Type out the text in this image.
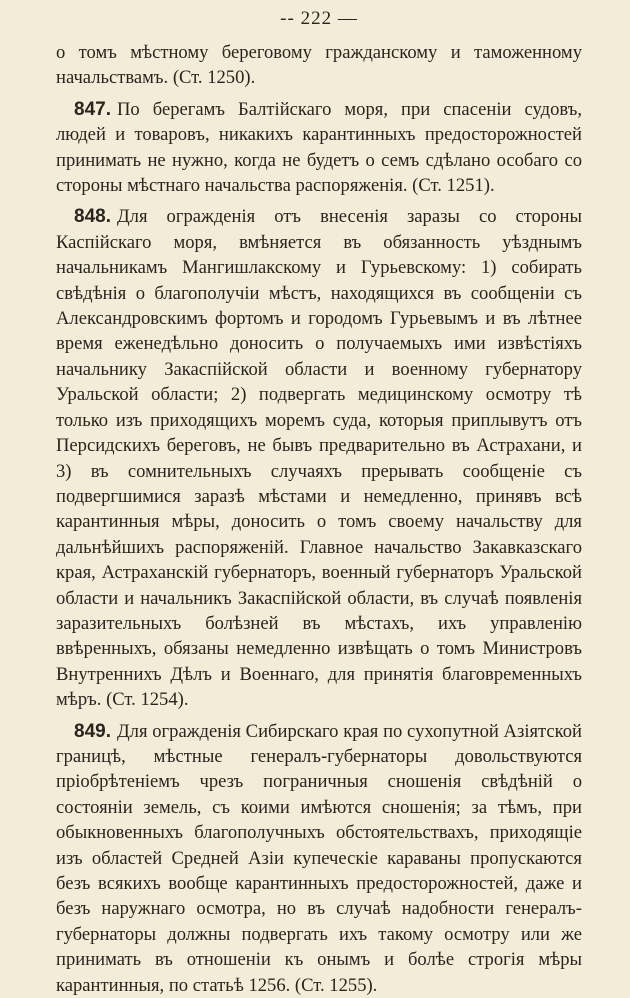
-- 222 —

о томъ мѣстному береговому гражданскому и таможенному начальствамъ. (Ст. 1250).

847. По берегамъ Балтійскаго моря, при спасеніи судовъ, людей и товаровъ, никакихъ карантинныхъ предосторожностей принимать не нужно, когда не будетъ о семъ сдѣлано особаго со стороны мѣстнаго начальства распоряженія. (Ст. 1251).

848. Для огражденія отъ внесенія заразы со стороны Каспійскаго моря, вмѣняется въ обязанность уѣзднымъ начальникамъ Мангишлакскому и Гурьевскому: 1) собирать свѣдѣнія о благополучіи мѣстъ, находящихся въ сообщеніи съ Александровскимъ фортомъ и городомъ Гурьевымъ и въ лѣтнее время еженедѣльно доносить о получаемыхъ ими извѣстіяхъ начальнику Закаспійской области и военному губернатору Уральской области; 2) подвергать медицинскому осмотру тѣ только изъ приходящихъ моремъ суда, которыя приплывутъ отъ Персидскихъ береговъ, не бывъ предварительно въ Астрахани, и 3) въ сомнительныхъ случаяхъ прерывать сообщеніе съ подвергшимися заразѣ мѣстами и немедленно, принявъ всѣ карантинныя мѣры, доносить о томъ своему начальству для дальнѣйшихъ распоряженій. Главное начальство Закавказскаго края, Астраханскій губернаторъ, военный губернаторъ Уральской области и начальникъ Закаспійской области, въ случаѣ появленія заразительныхъ болѣзней въ мѣстахъ, ихъ управленію ввѣренныхъ, обязаны немедленно извѣщать о томъ Министровъ Внутреннихъ Дѣлъ и Военнаго, для принятія благовременныхъ мѣръ. (Ст. 1254).

849. Для огражденія Сибирскаго края по сухопутной Азіятской границѣ, мѣстные генералъ-губернаторы довольствуются пріобрѣтеніемъ чрезъ пограничныя сношенія свѣдѣній о состояніи земель, съ коими имѣются сношенія; за тѣмъ, при обыкновенныхъ благополучныхъ обстоятельствахъ, приходящіе изъ областей Средней Азіи купеческіе караваны пропускаются безъ всякихъ вообще карантинныхъ предосторожностей, даже и безъ наружнаго осмотра, но въ случаѣ надобности генералъ-губернаторы должны подвергать ихъ такому осмотру или же принимать въ отношеніи къ онымъ и болѣе строгія мѣры карантинныя, по статьѣ 1256. (Ст. 1255).
